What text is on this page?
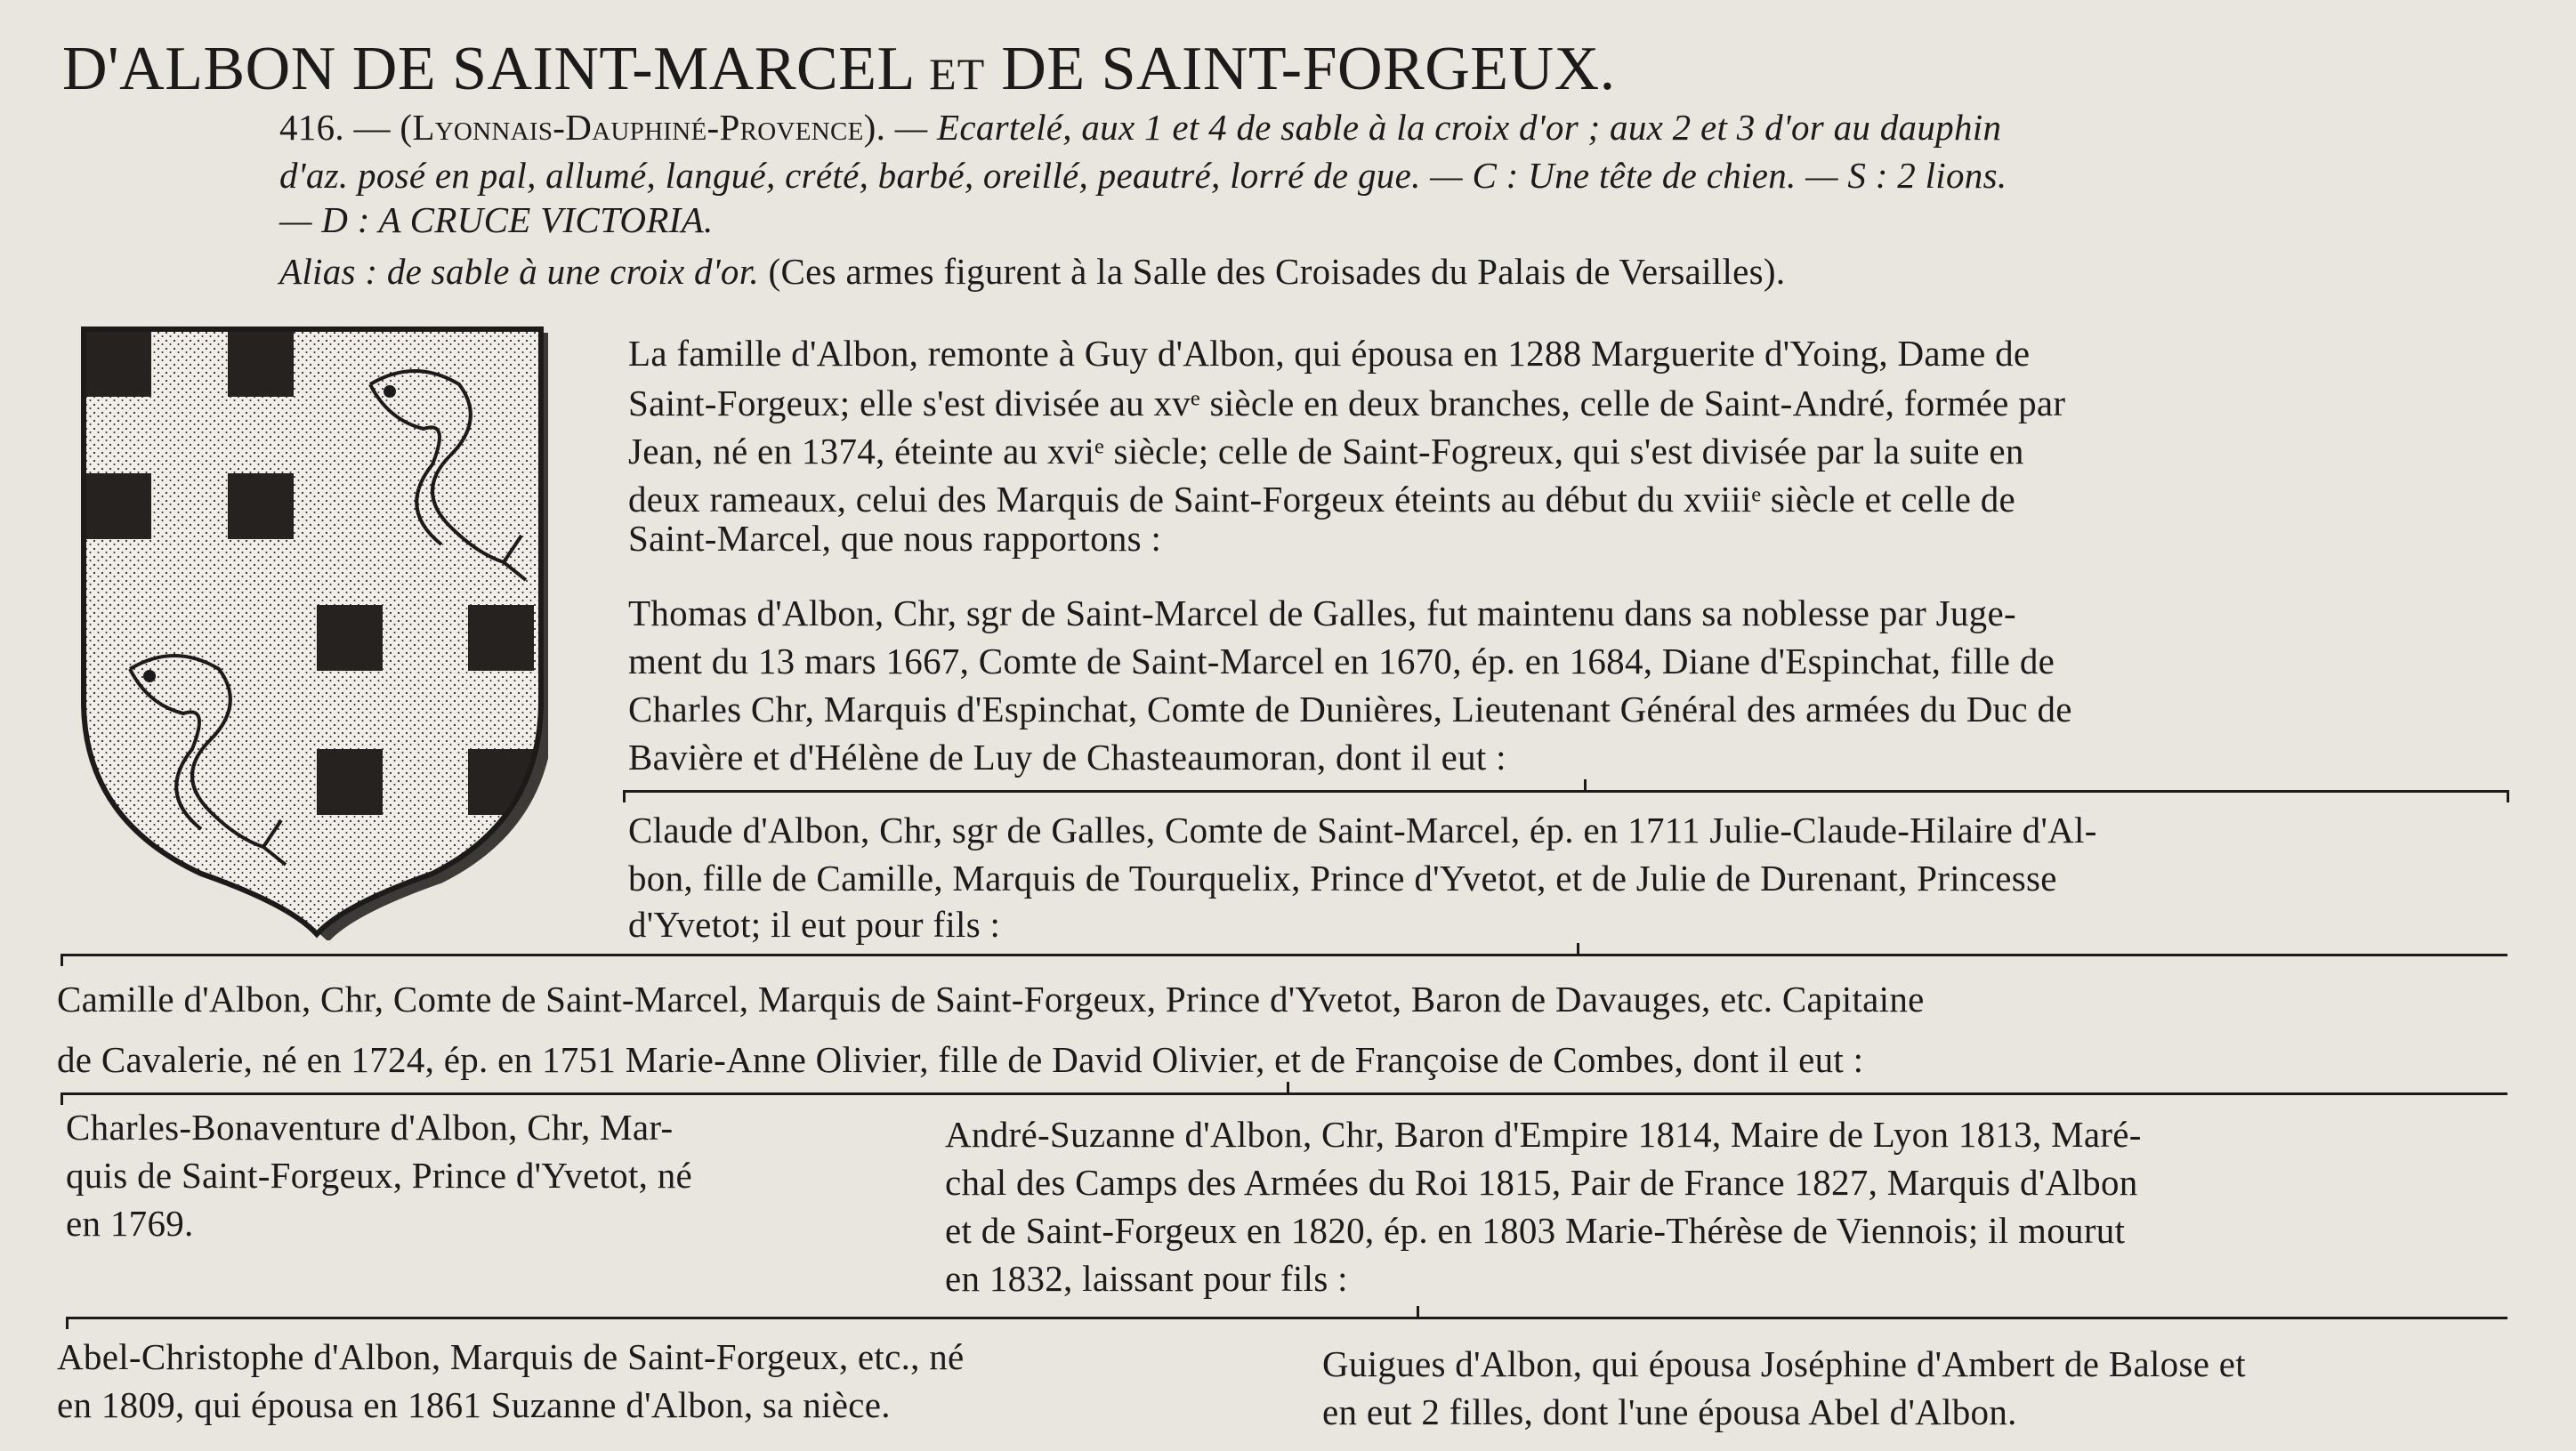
D'ALBON DE SAINT-MARCEL ET DE SAINT-FORGEUX.
416. — (Lyonnais-Dauphiné-Provence). — Ecartelé, aux 1 et 4 de sable à la croix d'or ; aux 2 et 3 d'or au dauphin
d'az. posé en pal, allumé, langué, crété, barbé, oreillé, peautré, lorré de gue. — C : Une tête de chien. — S : 2 lions.
— D : A CRUCE VICTORIA.
Alias : de sable à une croix d'or. (Ces armes figurent à la Salle des Croisades du Palais de Versailles).
La famille d'Albon, remonte à Guy d'Albon, qui épousa en 1288 Marguerite d'Yoing, Dame de
Saint-Forgeux; elle s'est divisée au xvᵉ siècle en deux branches, celle de Saint-André, formée par
Jean, né en 1374, éteinte au xviᵉ siècle; celle de Saint-Fogreux, qui s'est divisée par la suite en
deux rameaux, celui des Marquis de Saint-Forgeux éteints au début du xviiiᵉ siècle et celle de
Saint-Marcel, que nous rapportons :
Thomas d'Albon, Chr, sgr de Saint-Marcel de Galles, fut maintenu dans sa noblesse par Juge-
ment du 13 mars 1667, Comte de Saint-Marcel en 1670, ép. en 1684, Diane d'Espinchat, fille de
Charles Chr, Marquis d'Espinchat, Comte de Dunières, Lieutenant Général des armées du Duc de
Bavière et d'Hélène de Luy de Chasteaumoran, dont il eut :
Claude d'Albon, Chr, sgr de Galles, Comte de Saint-Marcel, ép. en 1711 Julie-Claude-Hilaire d'Al-
bon, fille de Camille, Marquis de Tourquelix, Prince d'Yvetot, et de Julie de Durenant, Princesse
d'Yvetot; il eut pour fils :
Camille d'Albon, Chr, Comte de Saint-Marcel, Marquis de Saint-Forgeux, Prince d'Yvetot, Baron de Davauges, etc. Capitaine
de Cavalerie, né en 1724, ép. en 1751 Marie-Anne Olivier, fille de David Olivier, et de Françoise de Combes, dont il eut :
Charles-Bonaventure d'Albon, Chr, Mar-
quis de Saint-Forgeux, Prince d'Yvetot, né
en 1769.
André-Suzanne d'Albon, Chr, Baron d'Empire 1814, Maire de Lyon 1813, Maré-
chal des Camps des Armées du Roi 1815, Pair de France 1827, Marquis d'Albon
et de Saint-Forgeux en 1820, ép. en 1803 Marie-Thérèse de Viennois; il mourut
en 1832, laissant pour fils :
Abel-Christophe d'Albon, Marquis de Saint-Forgeux, etc., né
en 1809, qui épousa en 1861 Suzanne d'Albon, sa nièce.
Guigues d'Albon, qui épousa Joséphine d'Ambert de Balose et
en eut 2 filles, dont l'une épousa Abel d'Albon.
